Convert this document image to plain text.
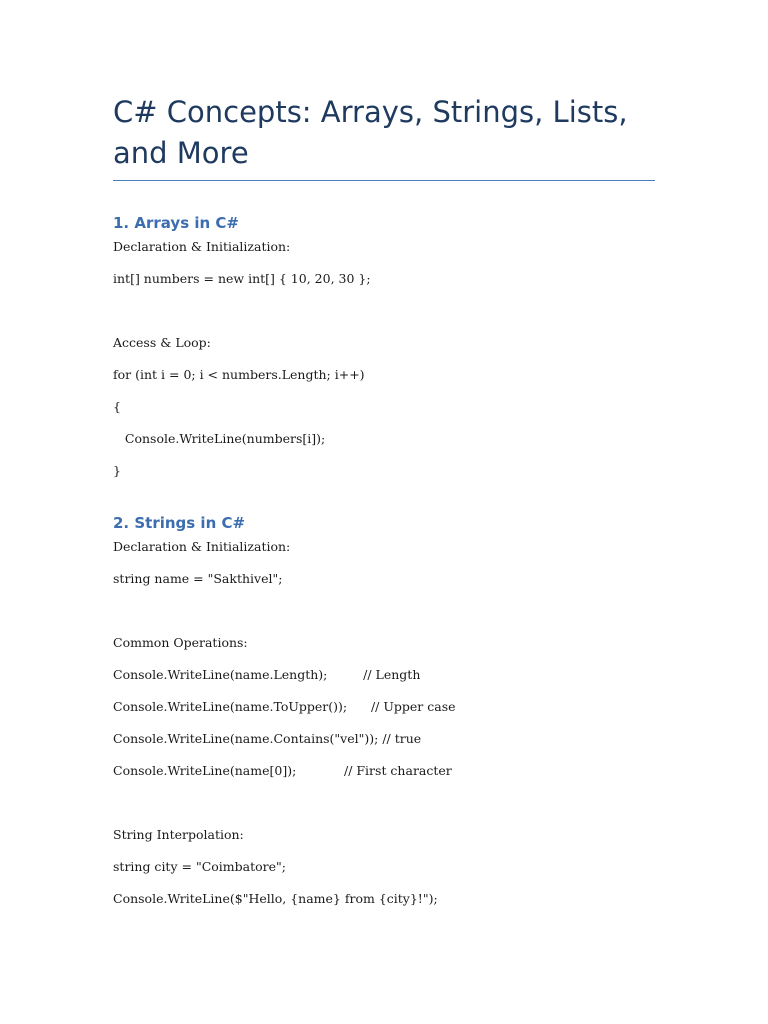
C# Concepts: Arrays, Strings, Lists, and More
1. Arrays in C#

Declaration & Initialization:

int[] numbers = new int[] { 10, 20, 30 };

Access & Loop:

for (int i = 0; i < numbers.Length; i++)

{

Console.WriteLine(numbers[i]);

}

2. Strings in C#

Declaration & Initialization:

string name = "Sakthivel";

Common Operations:

Console.WriteLine(name.Length);         // Length

Console.WriteLine(name.ToUpper());      // Upper case

Console.WriteLine(name.Contains("vel")); // true

Console.WriteLine(name[0]);            // First character

String Interpolation:

string city = "Coimbatore";

Console.WriteLine($"Hello, {name} from {city}!");
